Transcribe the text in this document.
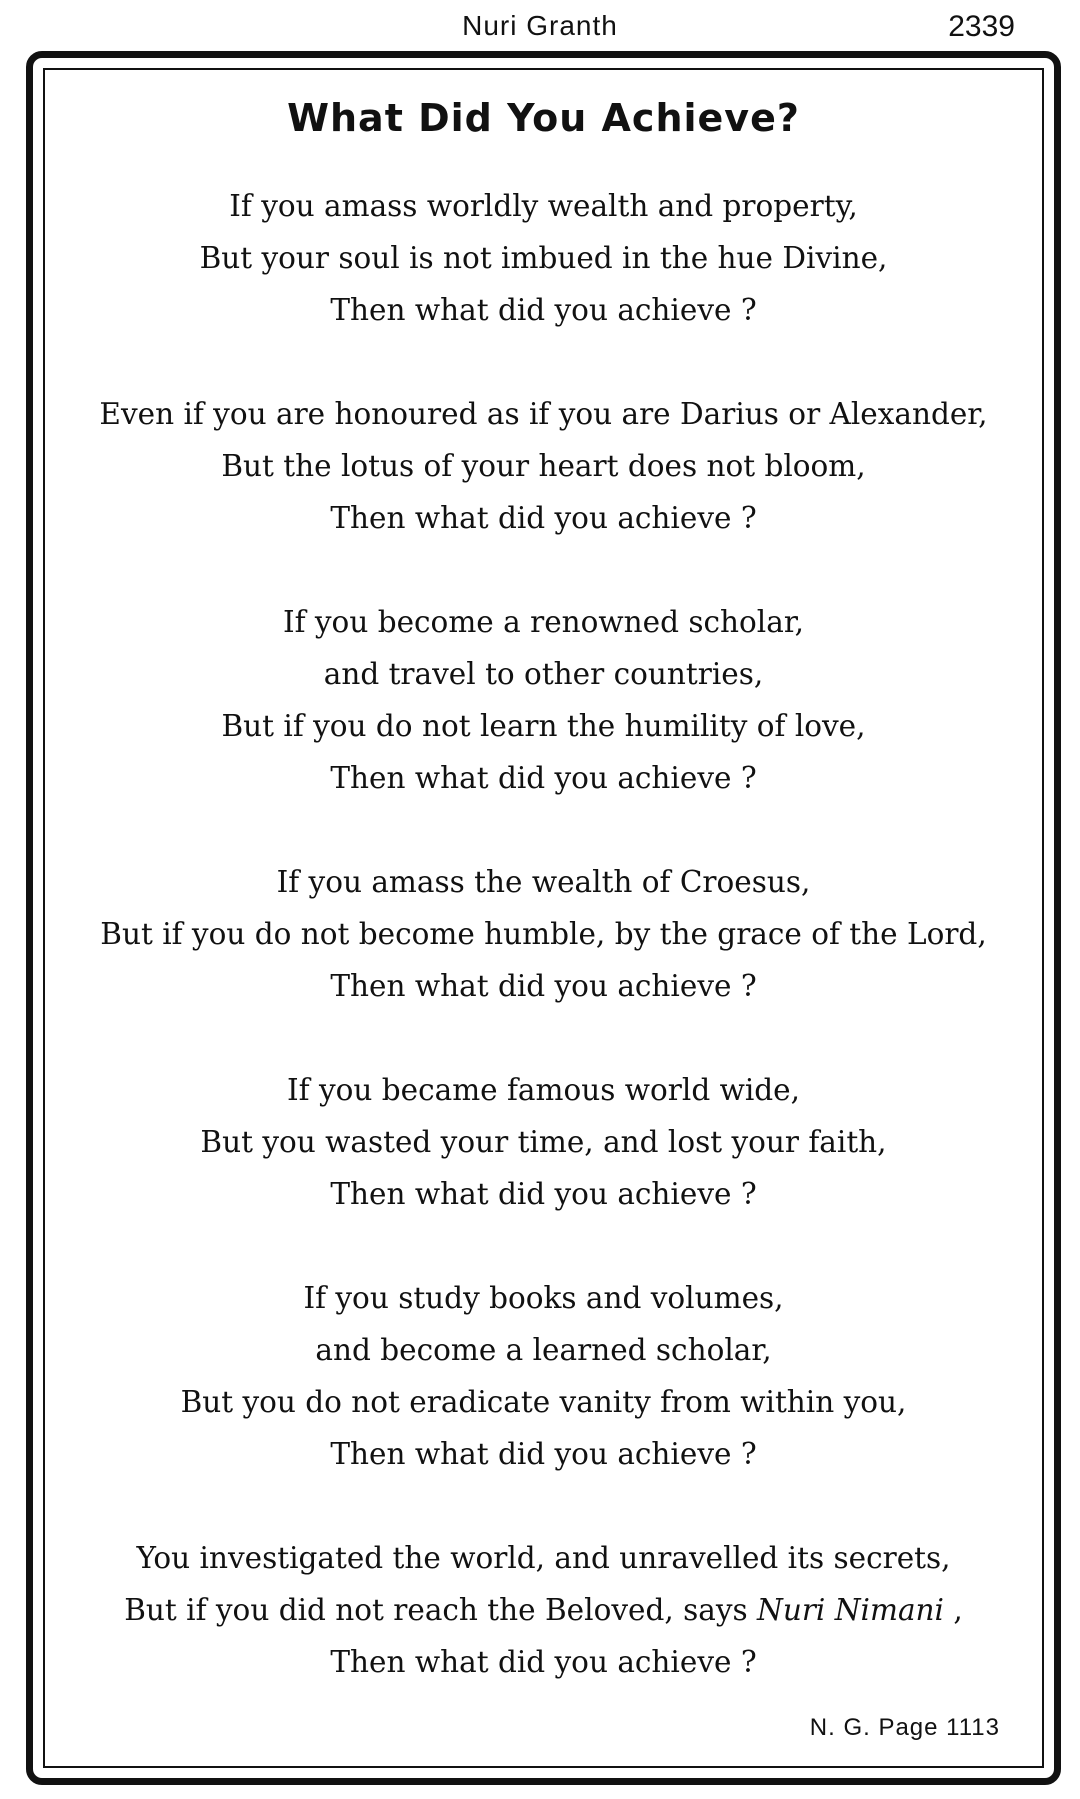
Nuri Granth	2339
What Did You Achieve?
If you amass worldly wealth and property,
But your soul is not imbued in the hue Divine,
Then what did you achieve ?
Even if you are honoured as if you are Darius or Alexander,
But the lotus of your heart does not bloom,
Then what did you achieve ?
If you become a renowned scholar,
and travel to other countries,
But if you do not learn the humility of love,
Then what did you achieve ?
If you amass the wealth of Croesus,
But if you do not become humble, by the grace of the Lord,
Then what did you achieve ?
If you became famous world wide,
But you wasted your time, and lost your faith,
Then what did you achieve ?
If you study books and volumes,
and become a learned scholar,
But you do not eradicate vanity from within you,
Then what did you achieve ?
You investigated the world, and unravelled its secrets,
But if you did not reach the Beloved, says Nuri Nimani ,
Then what did you achieve ?
N. G. Page 1113
